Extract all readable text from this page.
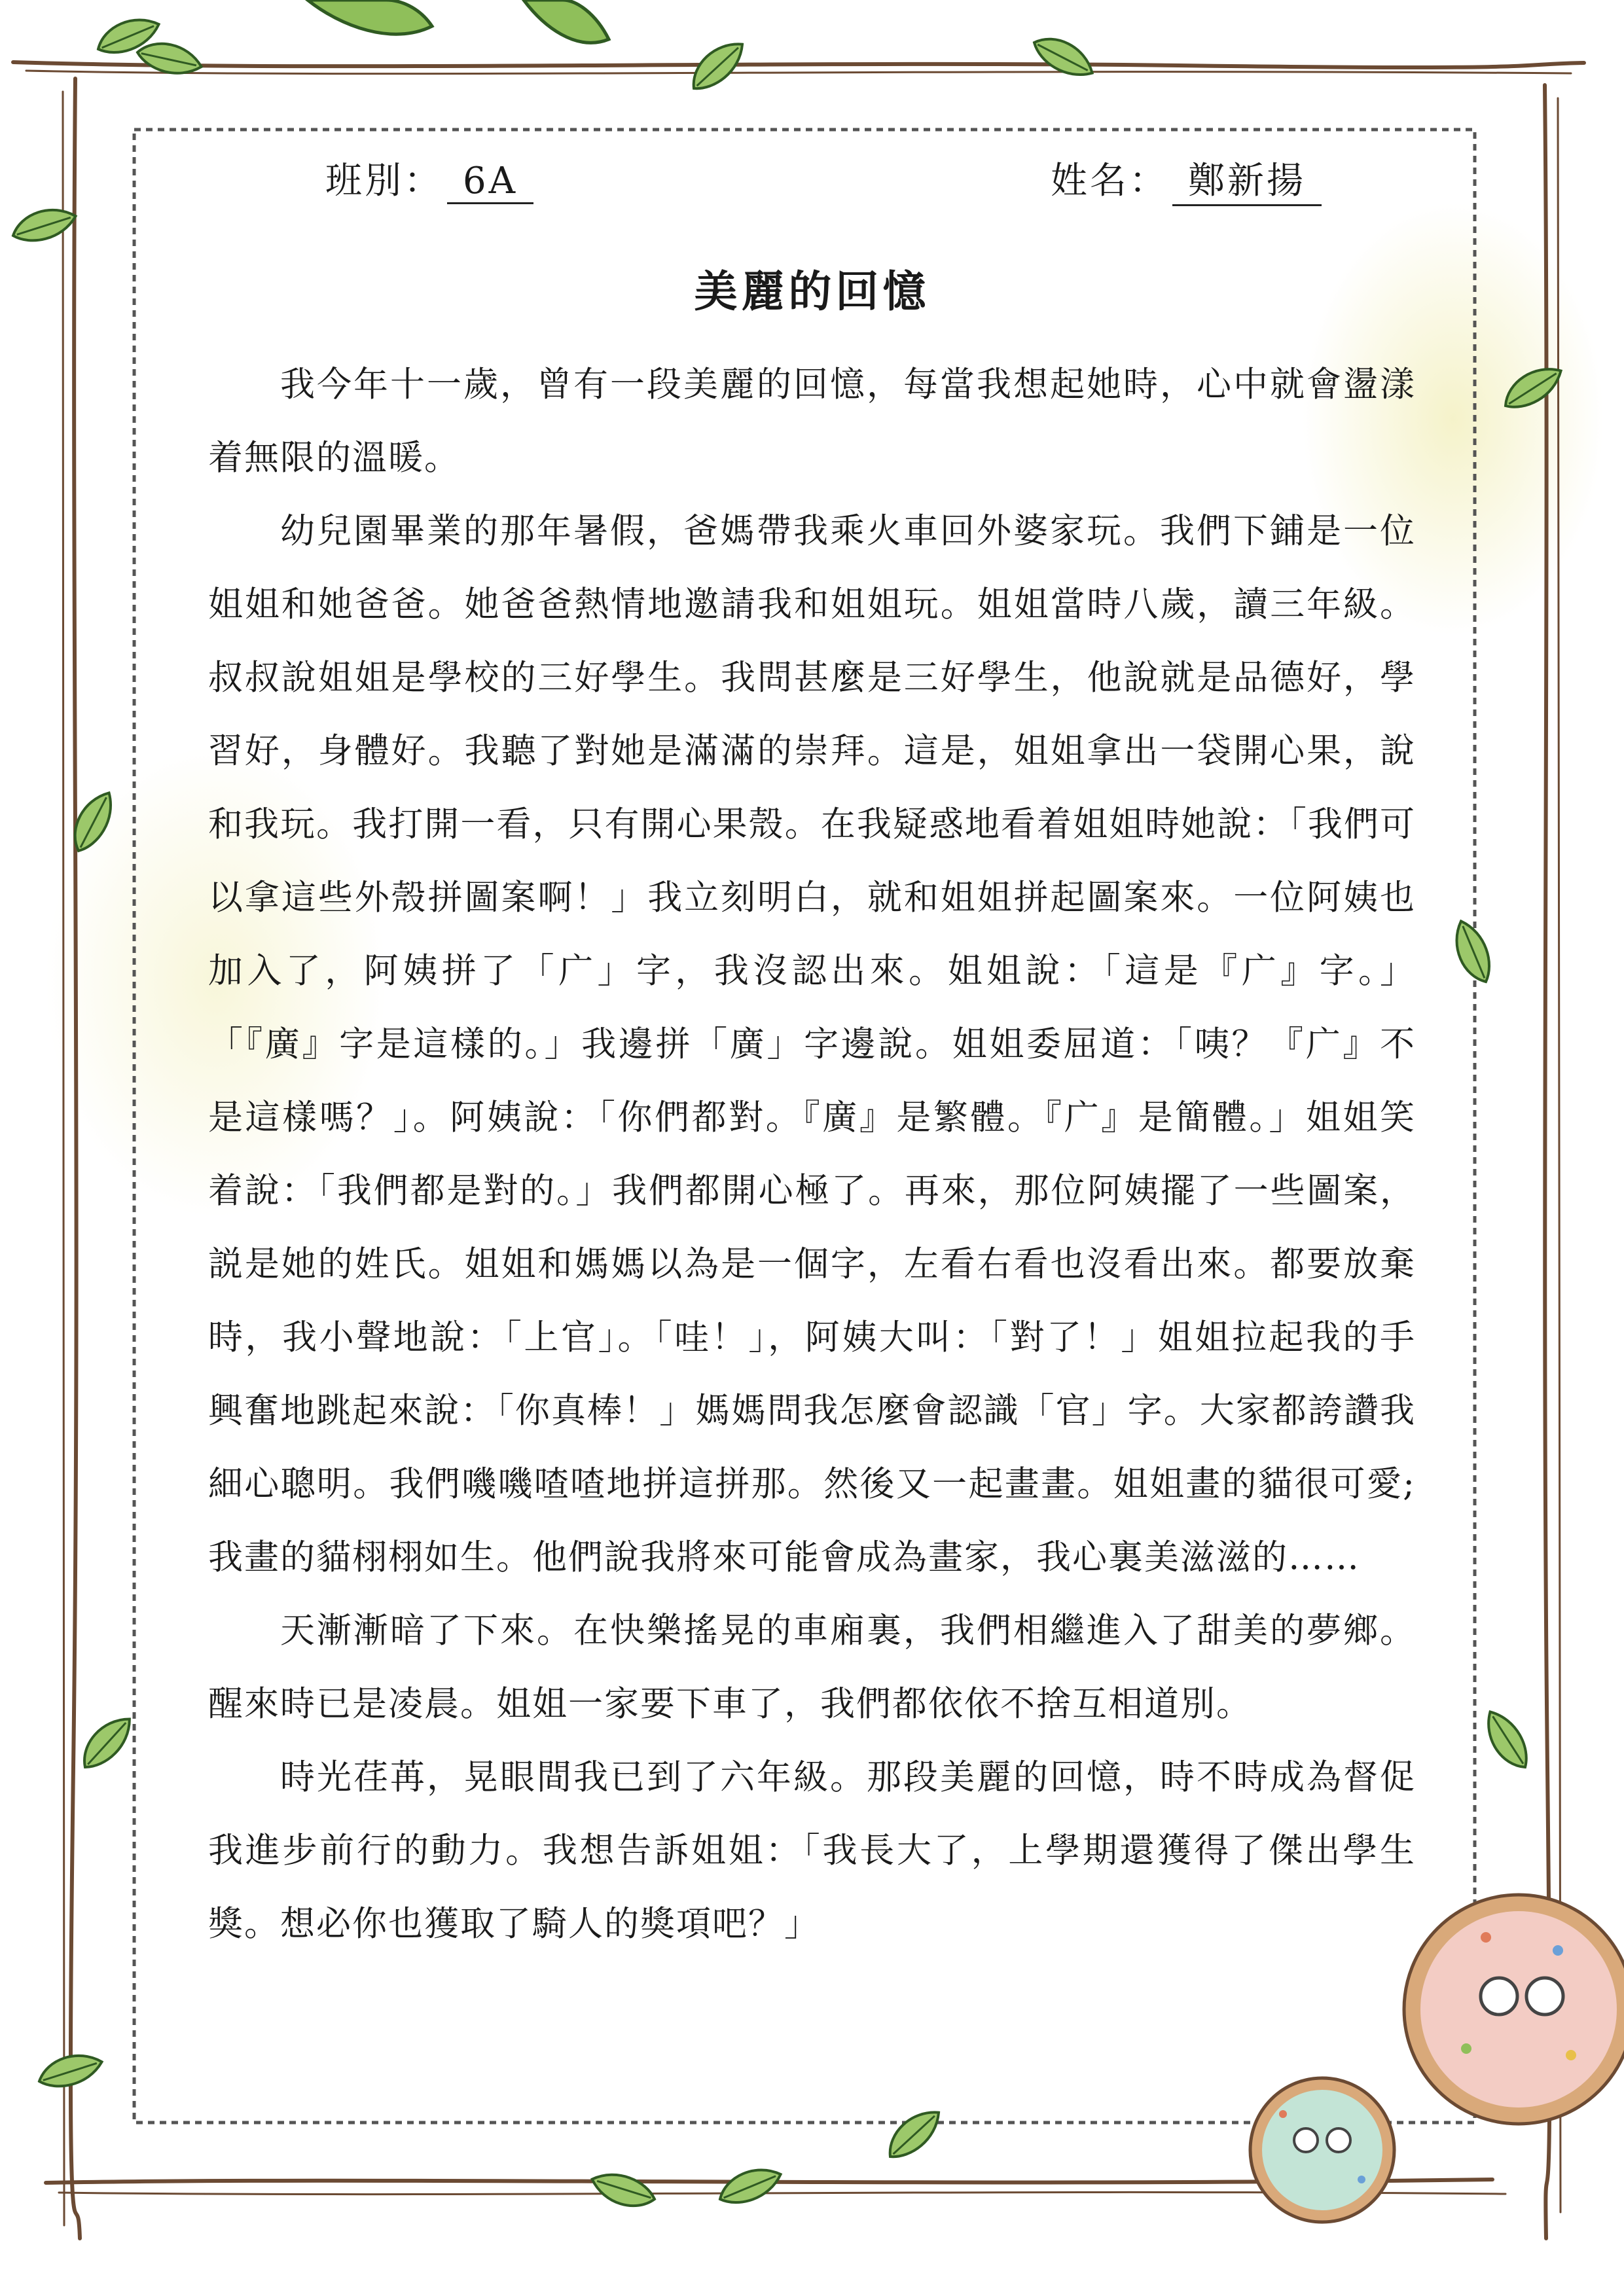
班別： 6A	姓名： 鄭新揚
美麗的回憶

我今年十一歲，曾有一段美麗的回憶，每當我想起她時，心中就會盪漾着無限的溫暖。

幼兒園畢業的那年暑假，爸媽帶我乘火車回外婆家玩。我們下鋪是一位姐姐和她爸爸。她爸爸熱情地邀請我和姐姐玩。姐姐當時八歲，讀三年級。叔叔說姐姐是學校的三好學生。我問甚麼是三好學生，他說就是品德好，學習好，身體好。我聽了對她是滿滿的崇拜。這是，姐姐拿出一袋開心果，說和我玩。我打開一看，只有開心果殼。在我疑惑地看着姐姐時她說：「我們可以拿這些外殼拼圖案啊！」我立刻明白，就和姐姐拼起圖案來。一位阿姨也加入了，阿姨拼了「广」字，我沒認出來。姐姐說：「這是『广』字。」「『廣』字是這樣的。」我邊拼「廣」字邊說。姐姐委屈道：「咦？『广』不是這樣嗎？」。阿姨說：「你們都對。『廣』是繁體。『广』是簡體。」姐姐笑着說：「我們都是對的。」我們都開心極了。再來，那位阿姨擺了一些圖案，説是她的姓氏。姐姐和媽媽以為是一個字，左看右看也沒看出來。都要放棄時，我小聲地說：「上官」。「哇！」，阿姨大叫：「對了！」姐姐拉起我的手興奮地跳起來說：「你真棒！」媽媽問我怎麼會認識「官」字。大家都誇讚我細心聰明。我們嘰嘰喳喳地拼這拼那。然後又一起畫畫。姐姐畫的貓很可愛;我畫的貓栩栩如生。他們說我將來可能會成為畫家，我心裏美滋滋的……

天漸漸暗了下來。在快樂搖晃的車廂裏，我們相繼進入了甜美的夢鄉。醒來時已是凌晨。姐姐一家要下車了，我們都依依不捨互相道別。

時光荏苒，晃眼間我已到了六年級。那段美麗的回憶，時不時成為督促我進步前行的動力。我想告訴姐姐：「我長大了，上學期還獲得了傑出學生獎。想必你也獲取了騎人的獎項吧？」
